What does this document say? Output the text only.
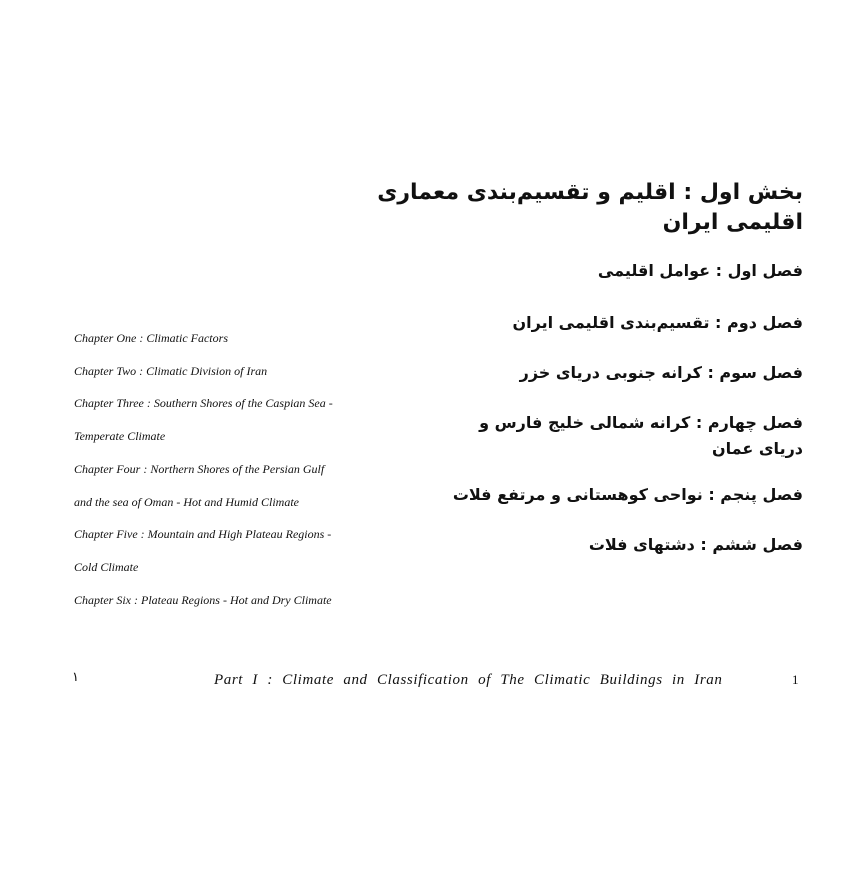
بخش اول : اقلیم و تقسیم‌بندی معماری اقلیمی ایران
فصل اول : عوامل اقلیمی
فصل دوم : تقسیم‌بندی اقلیمی ایران
فصل سوم : کرانه جنوبی دریای خزر
فصل چهارم : کرانه شمالی خلیج فارس و دریای عمان
فصل پنجم : نواحی کوهستانی و مرتفع فلات
فصل ششم : دشتهای فلات
Chapter One : Climatic Factors
Chapter Two : Climatic Division of Iran
Chapter Three : Southern Shores of the Caspian Sea -
Temperate Climate
Chapter Four : Northern Shores of the Persian Gulf
and the sea of Oman - Hot and Humid Climate
Chapter Five : Mountain and High Plateau Regions -
Cold Climate
Chapter Six : Plateau Regions - Hot and Dry Climate
١	Part I : Climate and Classification of The Climatic Buildings in Iran	1
